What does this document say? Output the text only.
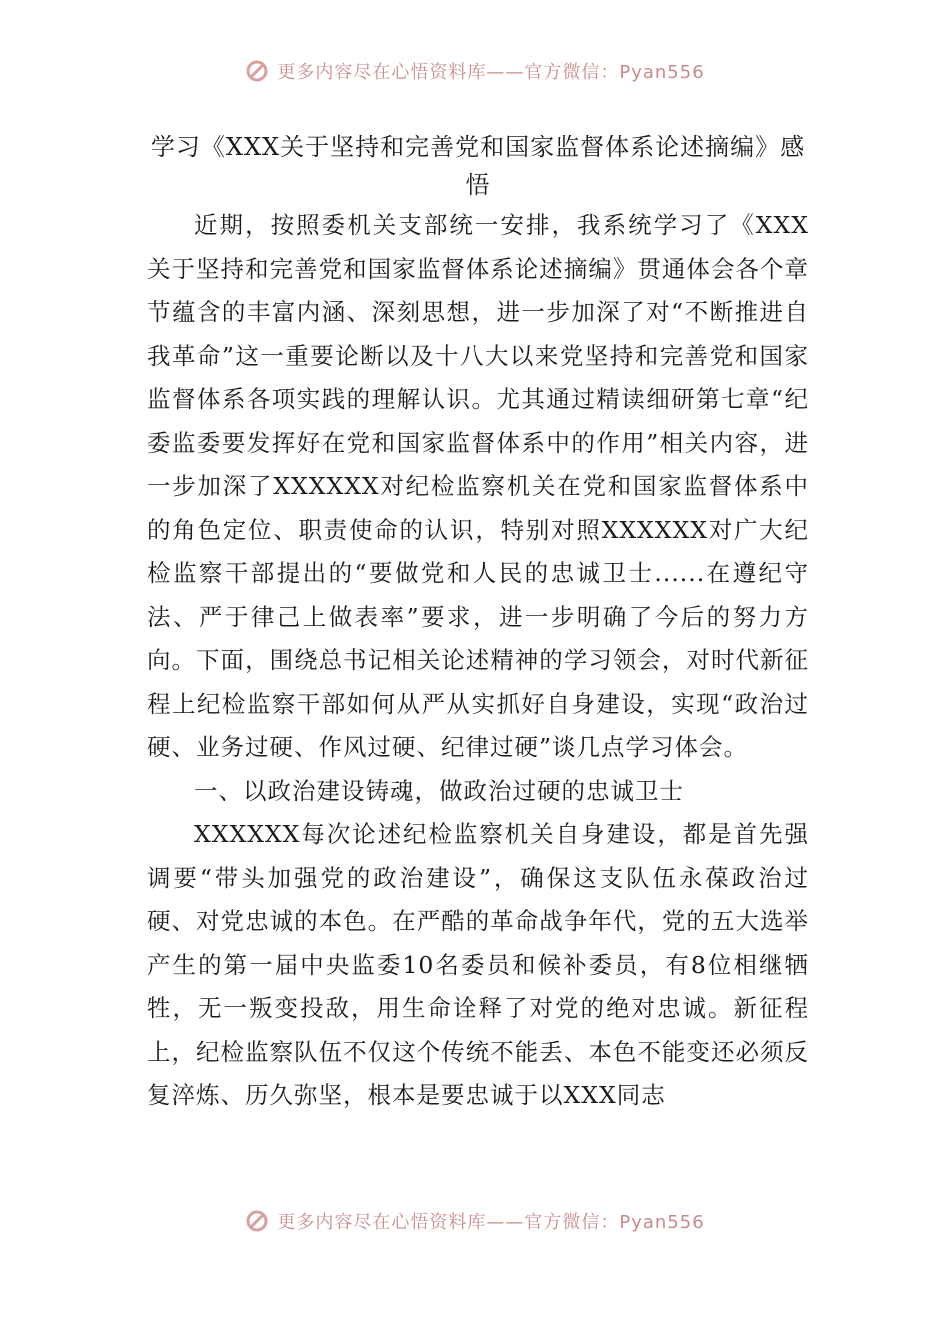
更多内容尽在心悟资料库——官方微信：Pyan556
学习《XXX关于坚持和完善党和国家监督体系论述摘编》感悟

近期，按照委机关支部统一安排，我系统学习了《XXX关于坚持和完善党和国家监督体系论述摘编》贯通体会各个章节蕴含的丰富内涵、深刻思想，进一步加深了对“不断推进自我革命”这一重要论断以及十八大以来党坚持和完善党和国家监督体系各项实践的理解认识。尤其通过精读细研第七章“纪委监委要发挥好在党和国家监督体系中的作用”相关内容，进一步加深了XXXXXX对纪检监察机关在党和国家监督体系中的角色定位、职责使命的认识，特别对照XXXXXX对广大纪检监察干部提出的“要做党和人民的忠诚卫士......在遵纪守法、严于律己上做表率”要求，进一步明确了今后的努力方向。下面，围绕总书记相关论述精神的学习领会，对时代新征程上纪检监察干部如何从严从实抓好自身建设，实现“政治过硬、业务过硬、作风过硬、纪律过硬”谈几点学习体会。

一、以政治建设铸魂，做政治过硬的忠诚卫士

XXXXXX每次论述纪检监察机关自身建设，都是首先强调要“带头加强党的政治建设”，确保这支队伍永葆政治过硬、对党忠诚的本色。在严酷的革命战争年代，党的五大选举产生的第一届中央监委10名委员和候补委员，有8位相继牺牲，无一叛变投敌，用生命诠释了对党的绝对忠诚。新征程上，纪检监察队伍不仅这个传统不能丢、本色不能变还必须反复淬炼、历久弥坚，根本是要忠诚于以XXX同志

更多内容尽在心悟资料库——官方微信：Pyan556
